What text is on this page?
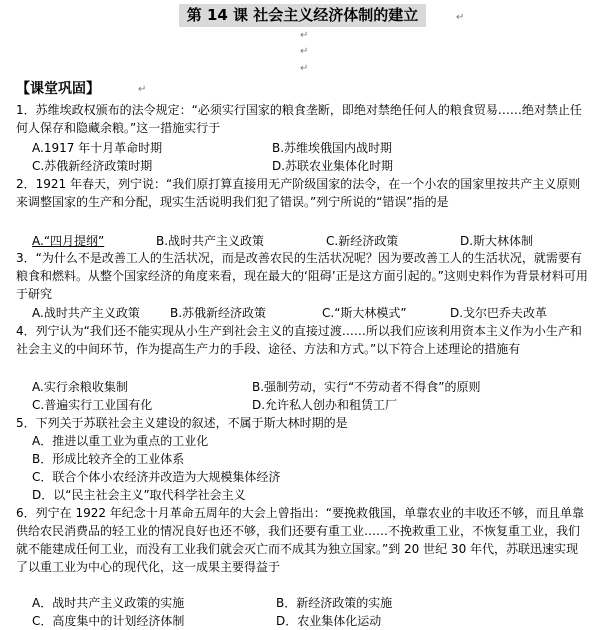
第 14 课 社会主义经济体制的建立	↵
↵
↵
↵
【课堂巩固】	↵

1．苏维埃政权颁布的法令规定：“必须实行国家的粮食垄断，即绝对禁绝任何人的粮食贸易……绝对禁止任何人保存和隐藏余粮。”这一措施实行于

A.1917 年十月革命时期	B.苏维埃俄国内战时期
C.苏俄新经济政策时期	D.苏联农业集体化时期

2．1921 年春天，列宁说：“我们原打算直接用无产阶级国家的法令，在一个小农的国家里按共产主义原则来调整国家的生产和分配，现实生活说明我们犯了错误。”列宁所说的“错误”指的是

A.“四月提纲”	B.战时共产主义政策	C.新经济政策	D.斯大林体制

3．“为什么不是改善工人的生活状况，而是改善农民的生活状况呢？因为要改善工人的生活状况，就需要有粮食和燃料。从整个国家经济的角度来看，现在最大的‘阻碍’正是这方面引起的。”这则史料作为背景材料可用于研究

A.战时共产主义政策	B.苏俄新经济政策	C.“斯大林模式”	D.戈尔巴乔夫改革

4．列宁认为“我们还不能实现从小生产到社会主义的直接过渡……所以我们应该利用资本主义作为小生产和社会主义的中间环节，作为提高生产力的手段、途径、方法和方式。”以下符合上述理论的措施有

A.实行余粮收集制	B.强制劳动，实行“不劳动者不得食”的原则
C.普遍实行工业国有化	D.允许私人创办和租赁工厂

5．下列关于苏联社会主义建设的叙述，不属于斯大林时期的是

A．推进以重工业为重点的工业化
B．形成比较齐全的工业体系
C．联合个体小农经济并改造为大规模集体经济
D．以“民主社会主义”取代科学社会主义

6．列宁在 1922 年纪念十月革命五周年的大会上曾指出：“要挽救俄国，单靠农业的丰收还不够，而且单靠供给农民消费品的轻工业的情况良好也还不够，我们还要有重工业……不挽救重工业，不恢复重工业，我们就不能建成任何工业，而没有工业我们就会灭亡而不成其为独立国家。”到 20 世纪 30 年代，苏联迅速实现了以重工业为中心的现代化，这一成果主要得益于

A．战时共产主义政策的实施	B．新经济政策的实施
C．高度集中的计划经济体制	D．农业集体化运动
